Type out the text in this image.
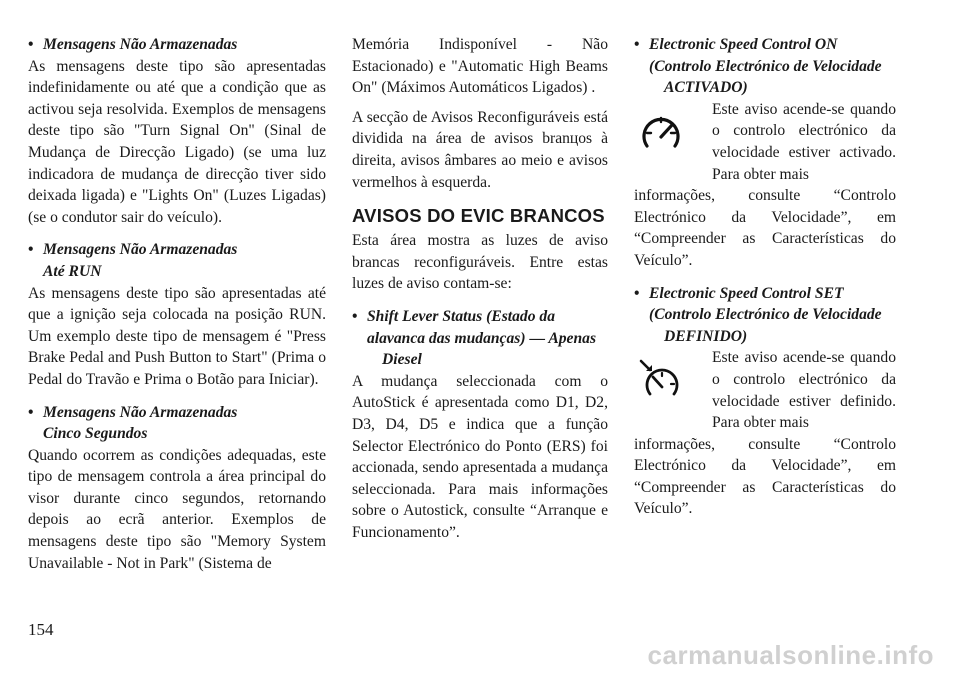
• Mensagens Não Armazenadas

As mensagens deste tipo são apresentadas indefinidamente ou até que a condição que as activou seja resolvida. Exemplos de mensagens deste tipo são "Turn Signal On" (Sinal de Mudança de Direcção Ligado) (se uma luz indicadora de mudança de direcção tiver sido deixada ligada) e "Lights On" (Luzes Ligadas) (se o condutor sair do veículo).

• Mensagens Não Armazenadas
Até RUN

As mensagens deste tipo são apresentadas até que a ignição seja colocada na posição RUN. Um exemplo deste tipo de mensagem é "Press Brake Pedal and Push Button to Start" (Prima o Pedal do Travão e Prima o Botão para Iniciar).

• Mensagens Não Armazenadas
Cinco Segundos

Quando ocorrem as condições adequadas, este tipo de mensagem controla a área principal do visor durante cinco segundos, retornando depois ao ecrã anterior. Exemplos de mensagens deste tipo são "Memory System Unavailable - Not in Park" (Sistema de

Memória Indisponível - Não Estacionado) e "Automatic High Beams On" (Máximos Automáticos Ligados) .

A secção de Avisos Reconfiguráveis está dividida na área de avisos branцos à direita, avisos âmbares ao meio e avisos vermelhos à esquerda.

AVISOS DO EVIC BRANCOS

Esta área mostra as luzes de aviso brancas reconfiguráveis. Entre estas luzes de aviso contam-se:

• Shift Lever Status (Estado da
alavanca das mudanças) — Apenas Diesel

A mudança seleccionada com o AutoStick é apresentada como D1, D2, D3, D4, D5 e indica que a função Selector Electrónico do Ponto (ERS) foi accionada, sendo apresentada a mudança seleccionada. Para mais informações sobre o Autostick, consulte “Arranque e Funcionamento”.

• Electronic Speed Control ON
(Controlo Electrónico de Velocidade ACTIVADO)

Este aviso acende-se quando o controlo electrónico da velocidade estiver activado. Para obter mais

informações, consulte “Controlo Electrónico da Velocidade”, em “Compreender as Características do Veículo”.

• Electronic Speed Control SET
(Controlo Electrónico de Velocidade DEFINIDO)

Este aviso acende-se quando o controlo electrónico da velocidade estiver definido. Para obter mais

informações, consulte “Controlo Electrónico da Velocidade”, em “Compreender as Características do Veículo”.

154
carmanualsonline.info
